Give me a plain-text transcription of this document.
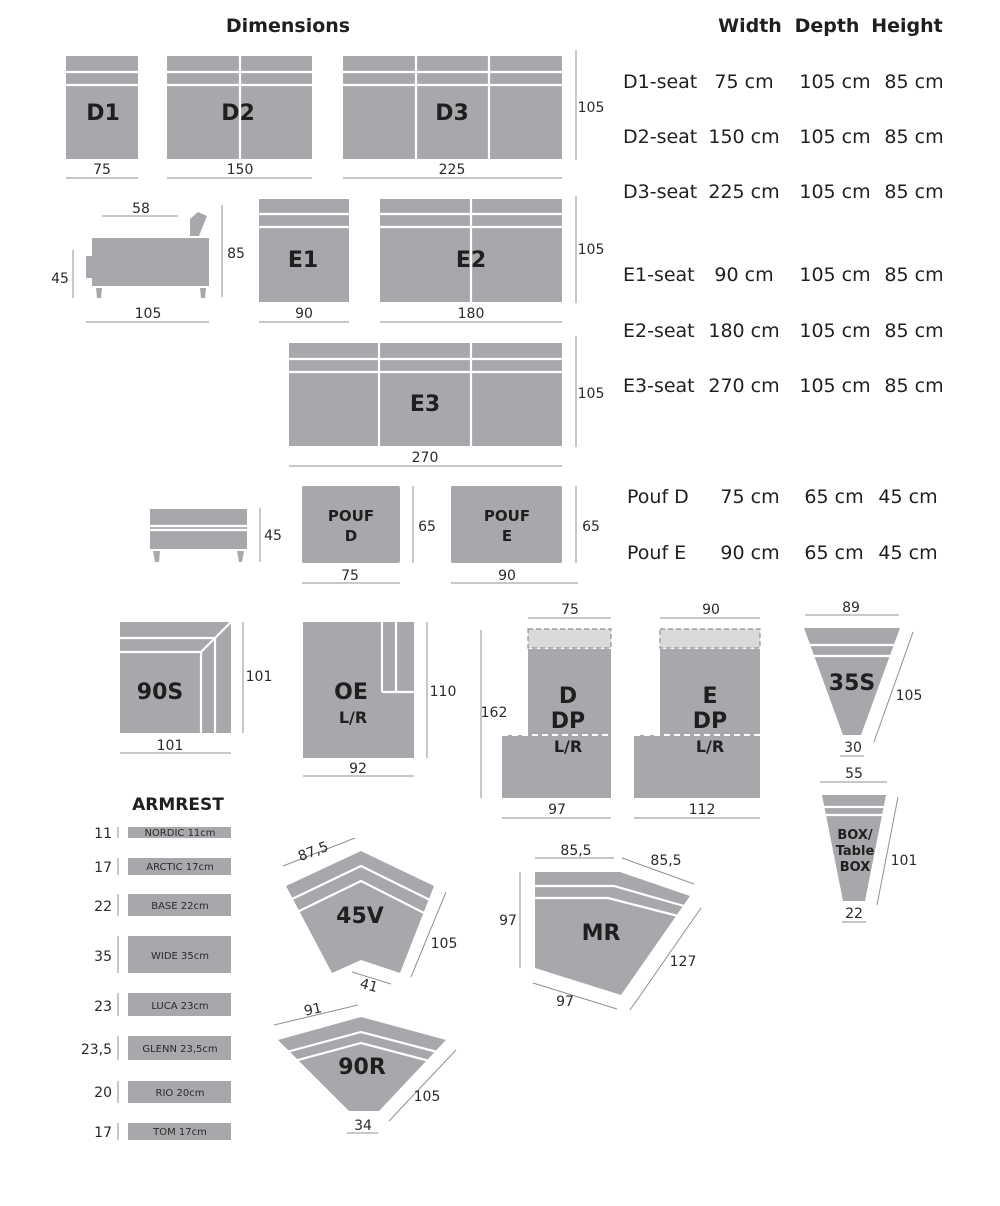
Dimensions	Width Depth Height
D1-seat 75 cm 105 cm 85 cm
D2-seat 150 cm 105 cm 85 cm
D3-seat 225 cm 105 cm 85 cm
E1-seat 90 cm 105 cm 85 cm
E2-seat 180 cm 105 cm 85 cm
E3-seat 270 cm 105 cm 85 cm
Pouf D 75 cm 65 cm 45 cm
Pouf E 90 cm 65 cm 45 cm
D1
75
D2
150
D3
225
105
58
85
45
105
E1
90
E2
180
105
E3
270
105
45
POUF
D
75
65
POUF
E
90
65
90S
101
101
OE
L/R
92
110
75
D
DP
L/R
162
97
90
E
DP
L/R
112
89
35S 105
30
55
BOX/
Table
BOX 101
22
ARMREST
11	NORDIC 11cm
17	ARCTIC 17cm
22	BASE 22cm
35	WIDE 35cm
23	LUCA 23cm
23,5	GLENN 23,5cm
20	RIO 20cm
17	TOM 17cm
45V
87,5
105
41
90R
91
105
34
MR
85,5
85,5
97
97
127
